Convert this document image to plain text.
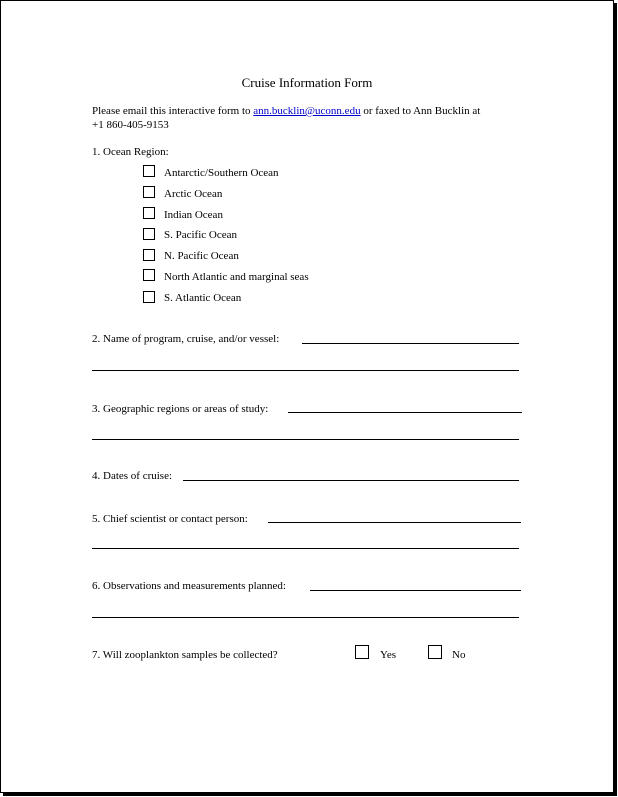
Cruise Information Form
Please email this interactive form to ann.bucklin@uconn.edu or faxed to Ann Bucklin at
+1 860-405-9153
1. Ocean Region:
Antarctic/Southern Ocean
Arctic Ocean
Indian Ocean
S. Pacific Ocean
N. Pacific Ocean
North Atlantic and marginal seas
S. Atlantic Ocean
2. Name of program, cruise, and/or vessel:
3. Geographic regions or areas of study:
4. Dates of cruise:
5. Chief scientist or contact person:
6. Observations and measurements planned:
7. Will zooplankton samples be collected?	Yes	No
